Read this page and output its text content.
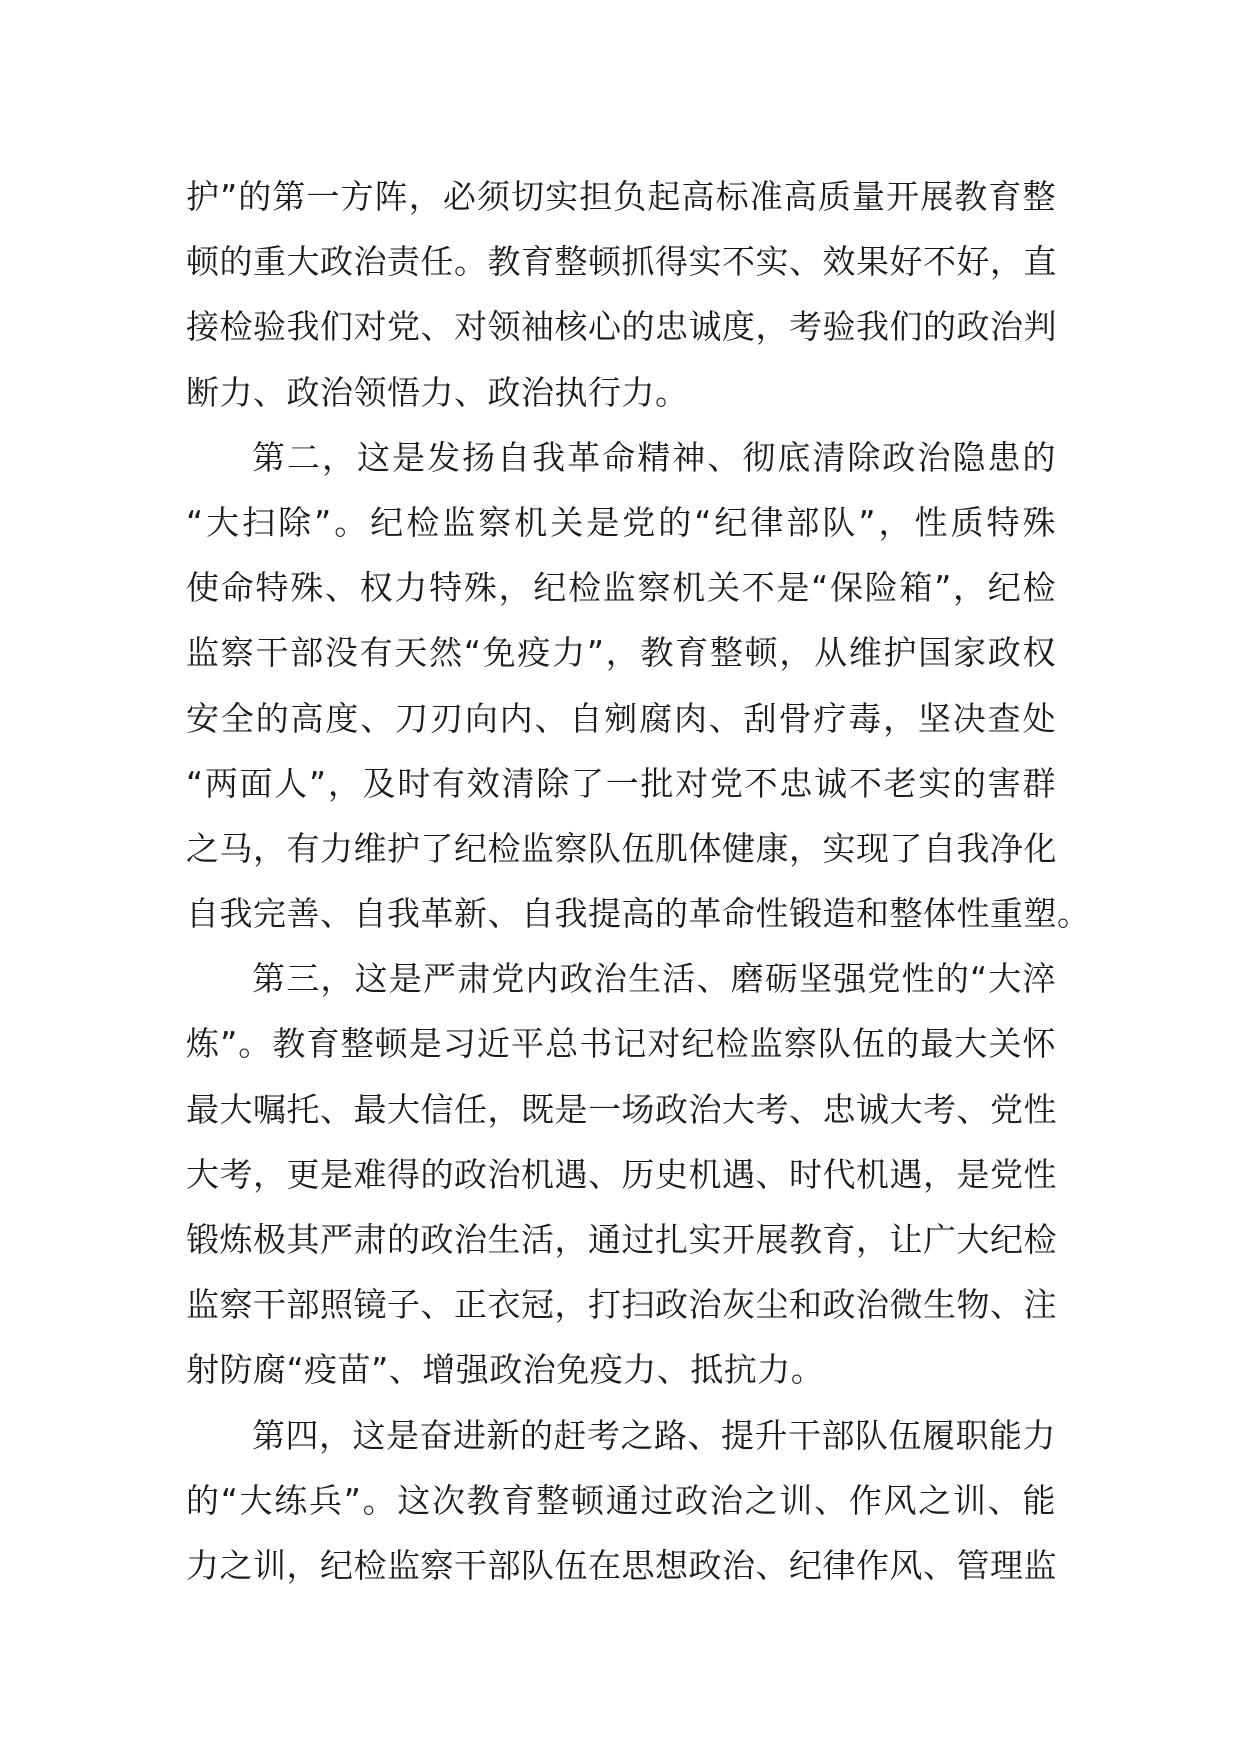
护”的第一方阵，必须切实担负起高标准高质量开展教育整
顿的重大政治责任。教育整顿抓得实不实、效果好不好，直
接检验我们对党、对领袖核心的忠诚度，考验我们的政治判
断力、政治领悟力、政治执行力。
第二，这是发扬自我革命精神、彻底清除政治隐患的
“大扫除”。纪检监察机关是党的“纪律部队”，性质特殊
使命特殊、权力特殊，纪检监察机关不是“保险箱”，纪检
监察干部没有天然“免疫力”，教育整顿，从维护国家政权
安全的高度、刀刃向内、自剜腐肉、刮骨疗毒，坚决查处
“两面人”，及时有效清除了一批对党不忠诚不老实的害群
之马，有力维护了纪检监察队伍肌体健康，实现了自我净化
自我完善、自我革新、自我提高的革命性锻造和整体性重塑。
第三，这是严肃党内政治生活、磨砺坚强党性的“大淬
炼”。教育整顿是习近平总书记对纪检监察队伍的最大关怀
最大嘱托、最大信任，既是一场政治大考、忠诚大考、党性
大考，更是难得的政治机遇、历史机遇、时代机遇，是党性
锻炼极其严肃的政治生活，通过扎实开展教育，让广大纪检
监察干部照镜子、正衣冠，打扫政治灰尘和政治微生物、注
射防腐“疫苗”、增强政治免疫力、抵抗力。
第四，这是奋进新的赶考之路、提升干部队伍履职能力
的“大练兵”。这次教育整顿通过政治之训、作风之训、能
力之训，纪检监察干部队伍在思想政治、纪律作风、管理监
